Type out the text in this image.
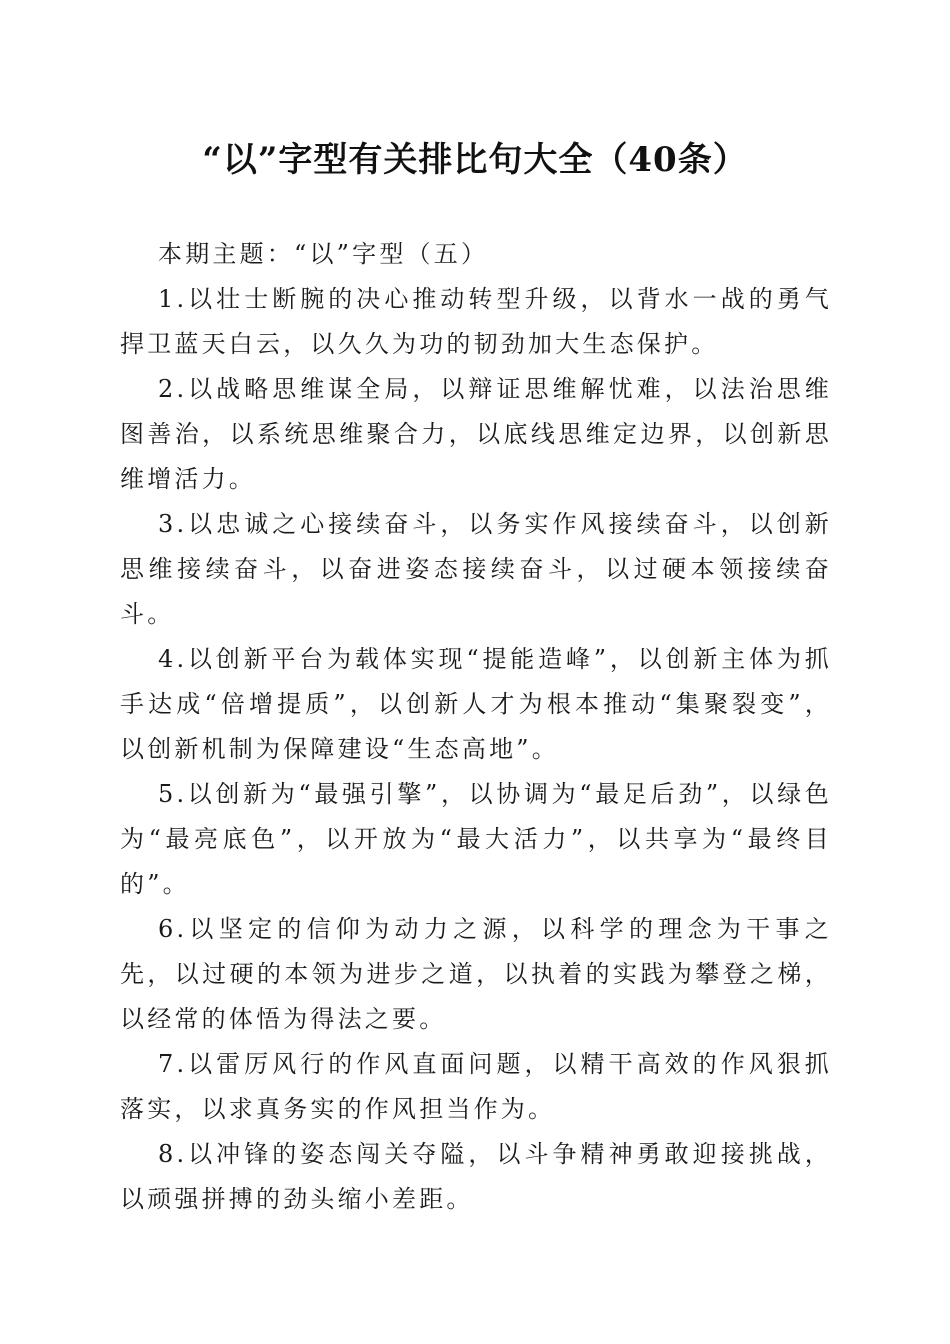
“以”字型有关排比句大全（40条）

本期主题：“以”字型（五）

1.以壮士断腕的决心推动转型升级，以背水一战的勇气捍卫蓝天白云，以久久为功的韧劲加大生态保护。

2.以战略思维谋全局，以辩证思维解忧难，以法治思维图善治，以系统思维聚合力，以底线思维定边界，以创新思维增活力。

3.以忠诚之心接续奋斗，以务实作风接续奋斗，以创新思维接续奋斗，以奋进姿态接续奋斗，以过硬本领接续奋斗。

4.以创新平台为载体实现“提能造峰”，以创新主体为抓手达成“倍增提质”，以创新人才为根本推动“集聚裂变”，以创新机制为保障建设“生态高地”。

5.以创新为“最强引擎”，以协调为“最足后劲”，以绿色为“最亮底色”，以开放为“最大活力”，以共享为“最终目的”。

6.以坚定的信仰为动力之源，以科学的理念为干事之先，以过硬的本领为进步之道，以执着的实践为攀登之梯，以经常的体悟为得法之要。

7.以雷厉风行的作风直面问题，以精干高效的作风狠抓落实，以求真务实的作风担当作为。

8.以冲锋的姿态闯关夺隘，以斗争精神勇敢迎接挑战，以顽强拼搏的劲头缩小差距。
